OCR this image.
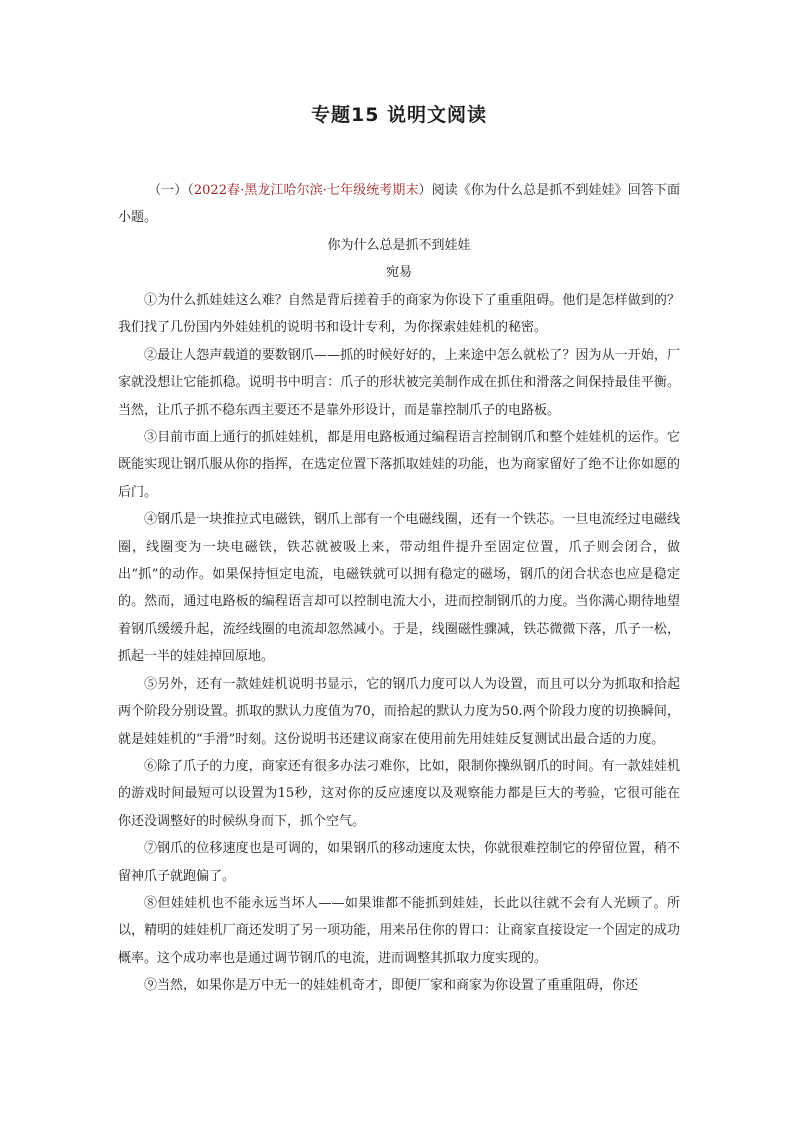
专题15 说明文阅读
（一）（2022春·黑龙江哈尔滨·七年级统考期末）阅读《你为什么总是抓不到娃娃》回答下面小题。
你为什么总是抓不到娃娃
宛易

①为什么抓娃娃这么难？自然是背后搓着手的商家为你设下了重重阻碍。他们是怎样做到的？我们找了几份国内外娃娃机的说明书和设计专利，为你探索娃娃机的秘密。

②最让人怨声载道的要数钢爪——抓的时候好好的，上来途中怎么就松了？因为从一开始，厂家就没想让它能抓稳。说明书中明言：爪子的形状被完美制作成在抓住和滑落之间保持最佳平衡。当然，让爪子抓不稳东西主要还不是靠外形设计，而是靠控制爪子的电路板。

③目前市面上通行的抓娃娃机，都是用电路板通过编程语言控制钢爪和整个娃娃机的运作。它既能实现让钢爪服从你的指挥，在选定位置下落抓取娃娃的功能，也为商家留好了绝不让你如愿的后门。

④钢爪是一块推拉式电磁铁，钢爪上部有一个电磁线圈，还有一个铁芯。一旦电流经过电磁线圈，线圈变为一块电磁铁，铁芯就被吸上来，带动组件提升至固定位置，爪子则会闭合，做出“抓”的动作。如果保持恒定电流，电磁铁就可以拥有稳定的磁场，钢爪的闭合状态也应是稳定的。然而，通过电路板的编程语言却可以控制电流大小，进而控制钢爪的力度。当你满心期待地望着钢爪缓缓升起，流经线圈的电流却忽然减小。于是，线圈磁性骤减，铁芯微微下落，爪子一松，抓起一半的娃娃掉回原地。

⑤另外，还有一款娃娃机说明书显示，它的钢爪力度可以人为设置，而且可以分为抓取和拾起两个阶段分别设置。抓取的默认力度值为70，而拾起的默认力度为50.两个阶段力度的切换瞬间，就是娃娃机的“手滑”时刻。这份说明书还建议商家在使用前先用娃娃反复测试出最合适的力度。

⑥除了爪子的力度，商家还有很多办法刁难你，比如，限制你操纵钢爪的时间。有一款娃娃机的游戏时间最短可以设置为15秒，这对你的反应速度以及观察能力都是巨大的考验，它很可能在你还没调整好的时候纵身而下，抓个空气。

⑦钢爪的位移速度也是可调的，如果钢爪的移动速度太快，你就很难控制它的停留位置，稍不留神爪子就跑偏了。

⑧但娃娃机也不能永远当坏人——如果谁都不能抓到娃娃，长此以往就不会有人光顾了。所以，精明的娃娃机厂商还发明了另一项功能，用来吊住你的胃口：让商家直接设定一个固定的成功概率。这个成功率也是通过调节钢爪的电流，进而调整其抓取力度实现的。

⑨当然，如果你是万中无一的娃娃机奇才，即便厂家和商家为你设置了重重阻碍，你还
